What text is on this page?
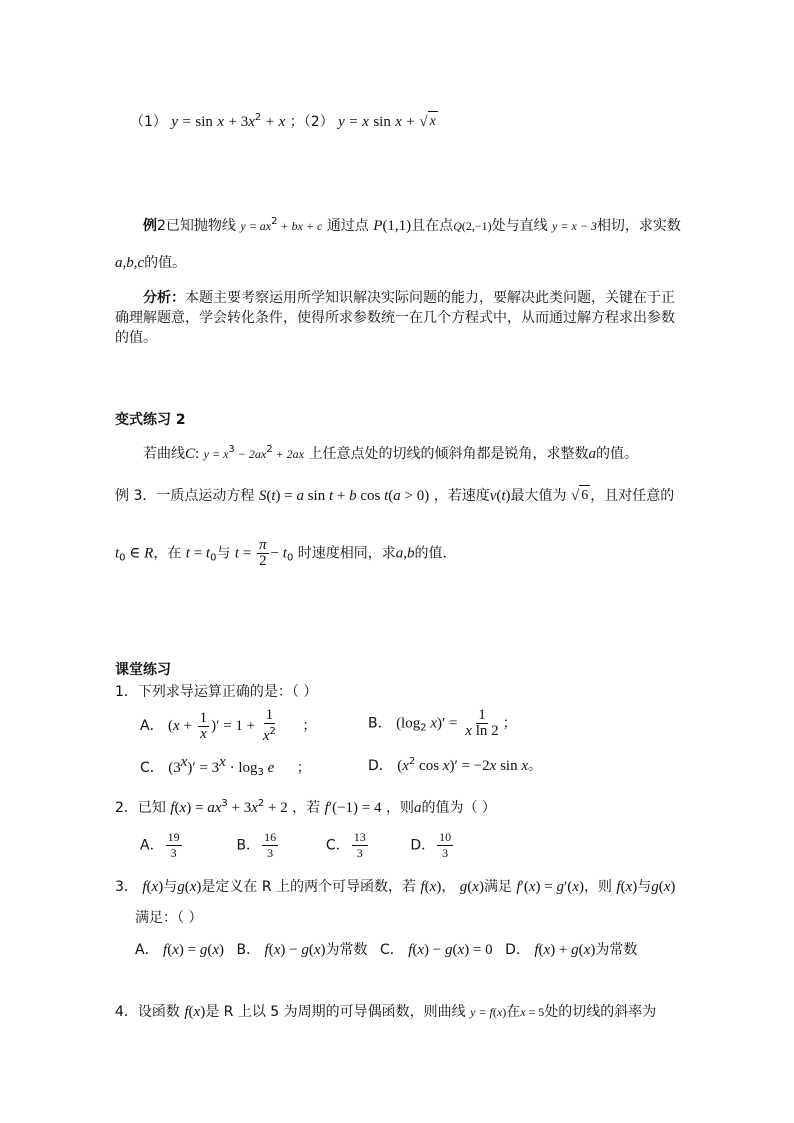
（1） $y = \sin x + 3x^2 + x$ ；（2） y = x sin x + √ x
例2已知抛物线 $y = ax^2$ + bx + c 通过点 P(1,1)且在点Q(2,−1)处与直线 y = x − 3相切，求实数
a,b,c的值。
分析：本题主要考察运用所学知识解决实际问题的能力，要解决此类问题，关键在于正
确理解题意，学会转化条件，使得所求参数统一在几个方程式中，从而通过解方程求出参数
的值。
变式练习 2
若曲线C: $y = x^3 - 2ax^2 + 2ax$ 上任意点处的切线的倾斜角都是锐角，求整数a的值。
例 3．一质点运动方程 S(t) = a sin t + b cos t(a > 0) ，若速度v(t)最大值为 √ 6 ，且对任意的
$t_0$ ∈ R，在 $t = t_0$与 $t = \frac{\pi}{2} - t_0$ 时速度相同，求a,b的值．
课堂练习
1．下列求导运算正确的是：（ ）
A． ($x + \frac{1}{x}$ )′ = $1 + \frac{1}{x^2}$ ；	B． ($\log_2$ $x)' = \frac{1}{\text{x ln 2}}$ ；
C． $(3^x)' = 3^x \cdot \log_3 e$ ；	D． ($x^2$ cos x)′ = −2x sin x。
2．已知 $f(x) = ax^3 + 3x^2 + 2$ ，若 f′(−1) = 4 ，则a的值为（ ）
A． $\frac{19}{3}$	B． $\frac{16}{3}$	C． $\frac{13}{3}$	D． $\frac{10}{3}$
3． f(x)与g(x)是定义在 R 上的两个可导函数，若 f(x)， g(x)满足 f′(x) = g′(x)，则 f(x)与g(x)
满足：（ ）
A． f(x) = g(x) B． f(x) − g(x)为常数 C． f(x) − g(x) = 0 D． f(x) + g(x)为常数
4．设函数 f(x)是 R 上以 5 为周期的可导偶函数，则曲线 y = f(x)在x = 5处的切线的斜率为
